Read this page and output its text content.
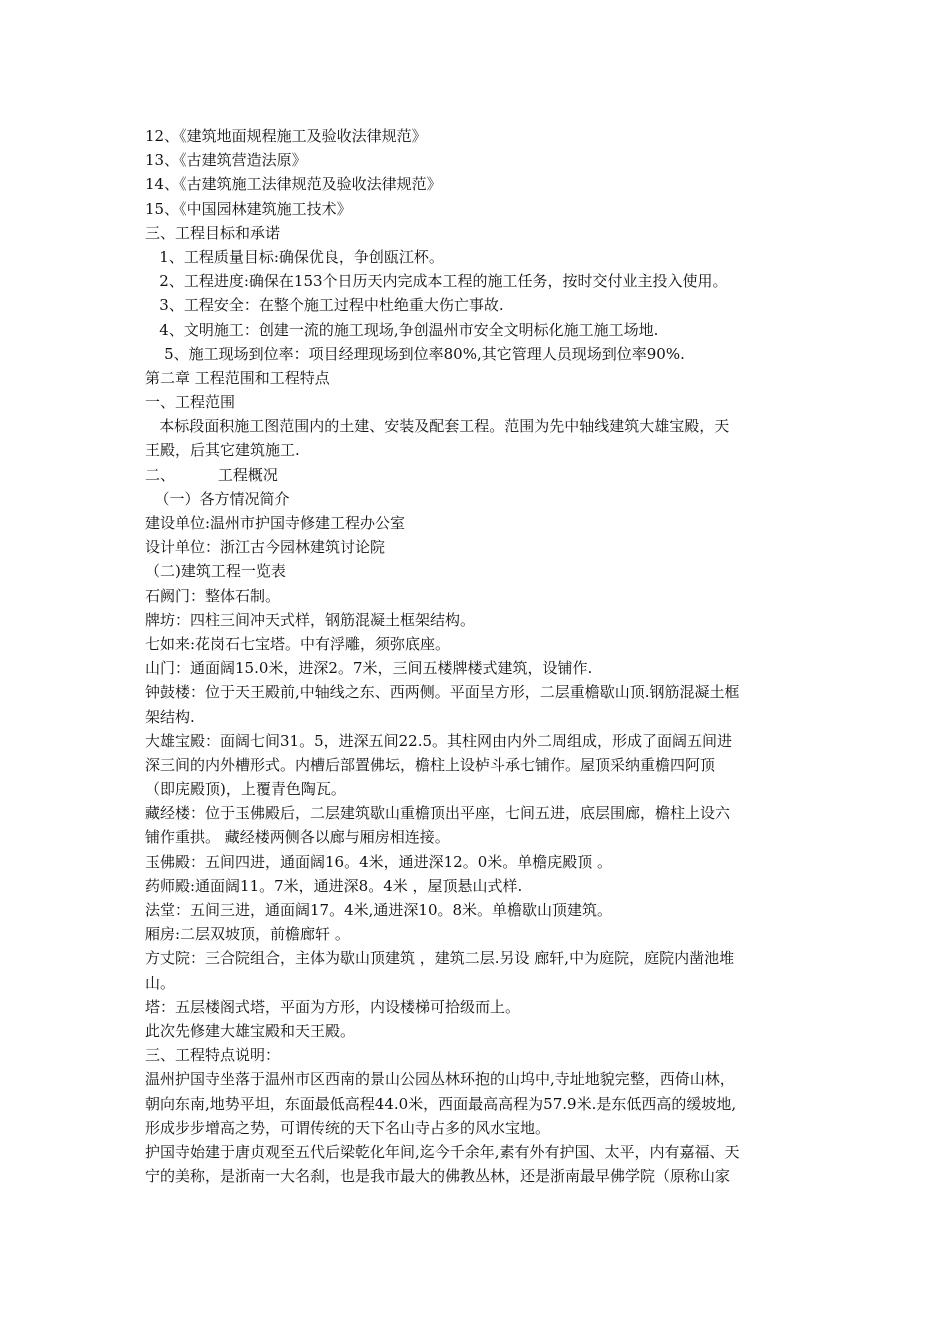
12、《建筑地面规程施工及验收法律规范》
13、《古建筑营造法原》
14、《古建筑施工法律规范及验收法律规范》
15、《中国园林建筑施工技术》
三、工程目标和承诺
1、工程质量目标:确保优良，争创瓯江杯。
2、工程进度:确保在153个日历天内完成本工程的施工任务，按时交付业主投入使用。
3、工程安全：在整个施工过程中杜绝重大伤亡事故.
4、文明施工：创建一流的施工现场,争创温州市安全文明标化施工施工场地.
5、施工现场到位率：项目经理现场到位率80%,其它管理人员现场到位率90%.
第二章 工程范围和工程特点
一、工程范围
本标段面积施工图范围内的土建、安装及配套工程。范围为先中轴线建筑大雄宝殿，天
王殿，后其它建筑施工.
二、         工程概况
（一）各方情况简介
建设单位:温州市护国寺修建工程办公室
设计单位：浙江古今园林建筑讨论院
（二)建筑工程一览表
石阙门：整体石制。
牌坊：四柱三间冲天式样，钢筋混凝土框架结构。
七如来:花岗石七宝塔。中有浮雕，须弥底座。
山门：通面阔15.0米，进深2。7米，三间五楼牌楼式建筑，设铺作.
钟鼓楼：位于天王殿前,中轴线之东、西两侧。平面呈方形，二层重檐歇山顶.钢筋混凝土框
架结构.
大雄宝殿：面阔七间31。5，进深五间22.5。其柱网由内外二周组成，形成了面阔五间进
深三间的内外槽形式。内槽后部置佛坛，檐柱上设栌斗承七铺作。屋顶采纳重檐四阿顶
（即庑殿顶)，上覆青色陶瓦。
藏经楼：位于玉佛殿后，二层建筑歇山重檐顶出平座，七间五进，底层围廊，檐柱上设六
铺作重拱。 藏经楼两侧各以廊与厢房相连接。
玉佛殿：五间四进，通面阔16。4米，通进深12。0米。单檐庑殿顶 。
药师殿:通面阔11。7米，通进深8。4米 ，屋顶悬山式样.
法堂：五间三进，通面阔17。4米,通进深10。8米。单檐歇山顶建筑。
厢房:二层双坡顶，前檐廊轩 。
方丈院：三合院组合，主体为歇山顶建筑 ，建筑二层.另设 廊轩,中为庭院，庭院内凿池堆
山。
塔：五层楼阁式塔，平面为方形，内设楼梯可拾级而上。
此次先修建大雄宝殿和天王殿。
三、工程特点说明：
温州护国寺坐落于温州市区西南的景山公园丛林环抱的山坞中,寺址地貌完整，西倚山林，
朝向东南,地势平坦，东面最低高程44.0米，西面最高高程为57.9米.是东低西高的缓坡地,
形成步步增高之势，可谓传统的天下名山寺占多的风水宝地。
护国寺始建于唐贞观至五代后梁乾化年间,迄今千余年,素有外有护国、太平，内有嘉福、天
宁的美称，是浙南一大名刹，也是我市最大的佛教丛林，还是浙南最早佛学院（原称山家
